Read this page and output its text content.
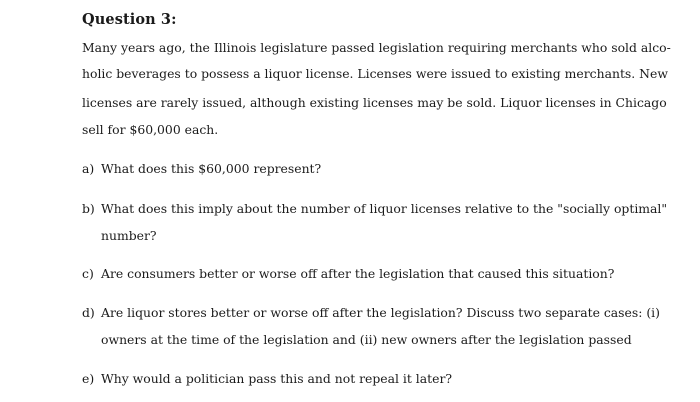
Question 3:
Many years ago, the Illinois legislature passed legislation requiring merchants who sold alco-
holic beverages to possess a liquor license. Licenses were issued to existing merchants. New
licenses are rarely issued, although existing licenses may be sold. Liquor licenses in Chicago
sell for $60,000 each.
a) What does this $60,000 represent?
b) What does this imply about the number of liquor licenses relative to the "socially optimal"
number?
c) Are consumers better or worse off after the legislation that caused this situation?
d) Are liquor stores better or worse off after the legislation? Discuss two separate cases: (i)
owners at the time of the legislation and (ii) new owners after the legislation passed
e) Why would a politician pass this and not repeal it later?
